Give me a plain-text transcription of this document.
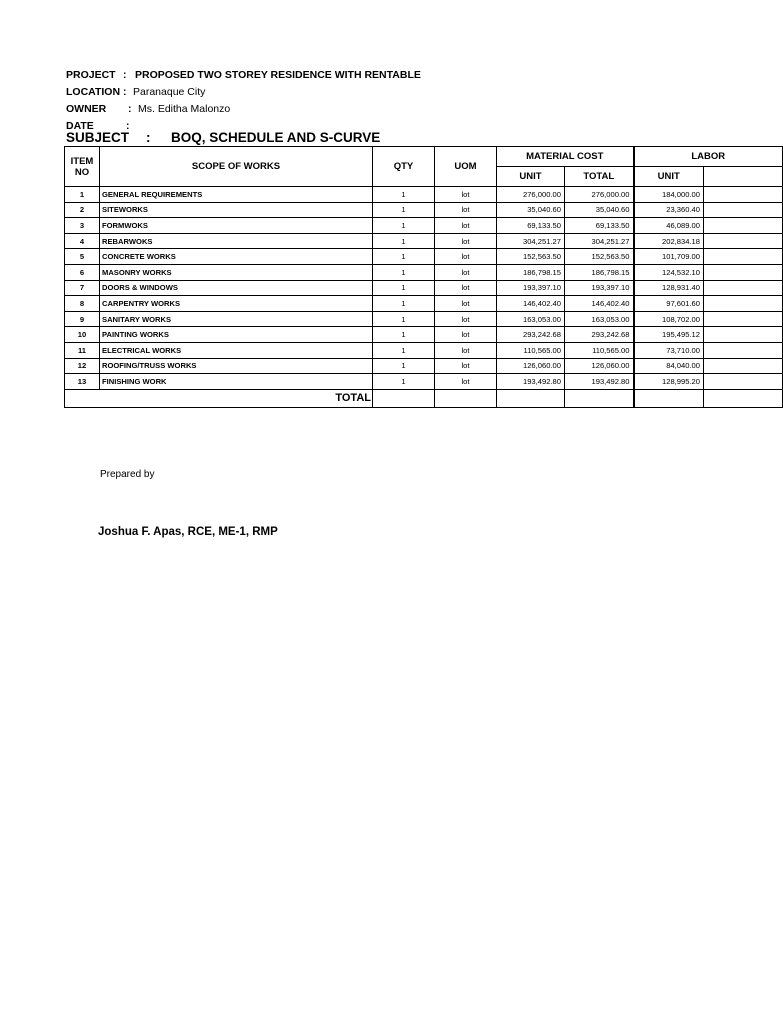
PROJECT : PROPOSED TWO STOREY RESIDENCE WITH RENTABLE
LOCATION : Paranaque City
OWNER	: Ms. Editha Malonzo
DATE	:
SUBJECT	:	BOQ, SCHEDULE AND S-CURVE
ITEM NO	SCOPE OF WORKS	QTY	UOM	MATERIAL COST		LABOR	
				UNIT	TOTAL	UNIT	
1	GENERAL REQUIREMENTS	1	lot	276,000.00	276,000.00	184,000.00	
2	SITEWORKS	1	lot	35,040.60	35,040.60	23,360.40	
3	FORMWOKS	1	lot	69,133.50	69,133.50	46,089.00	
4	REBARWOKS	1	lot	304,251.27	304,251.27	202,834.18	
5	CONCRETE WORKS	1	lot	152,563.50	152,563.50	101,709.00	
6	MASONRY WORKS	1	lot	186,798.15	186,798.15	124,532.10	
7	DOORS & WINDOWS	1	lot	193,397.10	193,397.10	128,931.40	
8	CARPENTRY WORKS	1	lot	146,402.40	146,402.40	97,601.60	
9	SANITARY WORKS	1	lot	163,053.00	163,053.00	108,702.00	
10	PAINTING WORKS	1	lot	293,242.68	293,242.68	195,495.12	
11	ELECTRICAL WORKS	1	lot	110,565.00	110,565.00	73,710.00	
12	ROOFING/TRUSS WORKS	1	lot	126,060.00	126,060.00	84,040.00	
13	FINISHING WORK	1	lot	193,492.80	193,492.80	128,995.20	
TOTAL							
Prepared by
Joshua F. Apas, RCE, ME-1, RMP
